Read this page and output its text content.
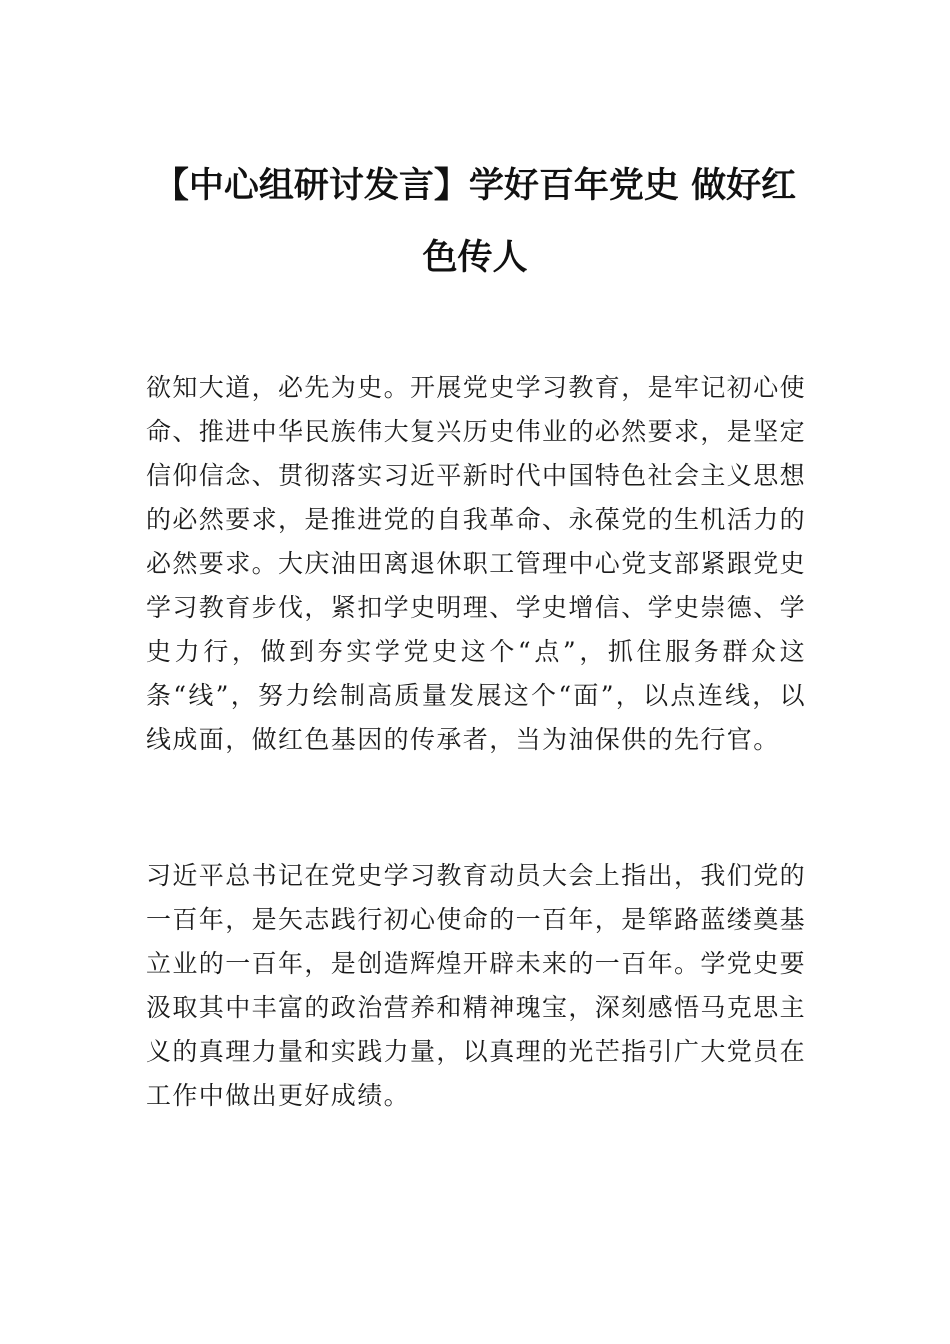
【中心组研讨发言】学好百年党史 做好红
色传人

欲知大道，必先为史。开展党史学习教育，是牢记初心使命、推进中华民族伟大复兴历史伟业的必然要求，是坚定信仰信念、贯彻落实习近平新时代中国特色社会主义思想的必然要求，是推进党的自我革命、永葆党的生机活力的必然要求。大庆油田离退休职工管理中心党支部紧跟党史学习教育步伐，紧扣学史明理、学史增信、学史崇德、学史力行，做到夯实学党史这个“点”，抓住服务群众这条“线”，努力绘制高质量发展这个“面”，以点连线，以线成面，做红色基因的传承者，当为油保供的先行官。

习近平总书记在党史学习教育动员大会上指出，我们党的一百年，是矢志践行初心使命的一百年，是筚路蓝缕奠基立业的一百年，是创造辉煌开辟未来的一百年。学党史要汲取其中丰富的政治营养和精神瑰宝，深刻感悟马克思主义的真理力量和实践力量，以真理的光芒指引广大党员在工作中做出更好成绩。
